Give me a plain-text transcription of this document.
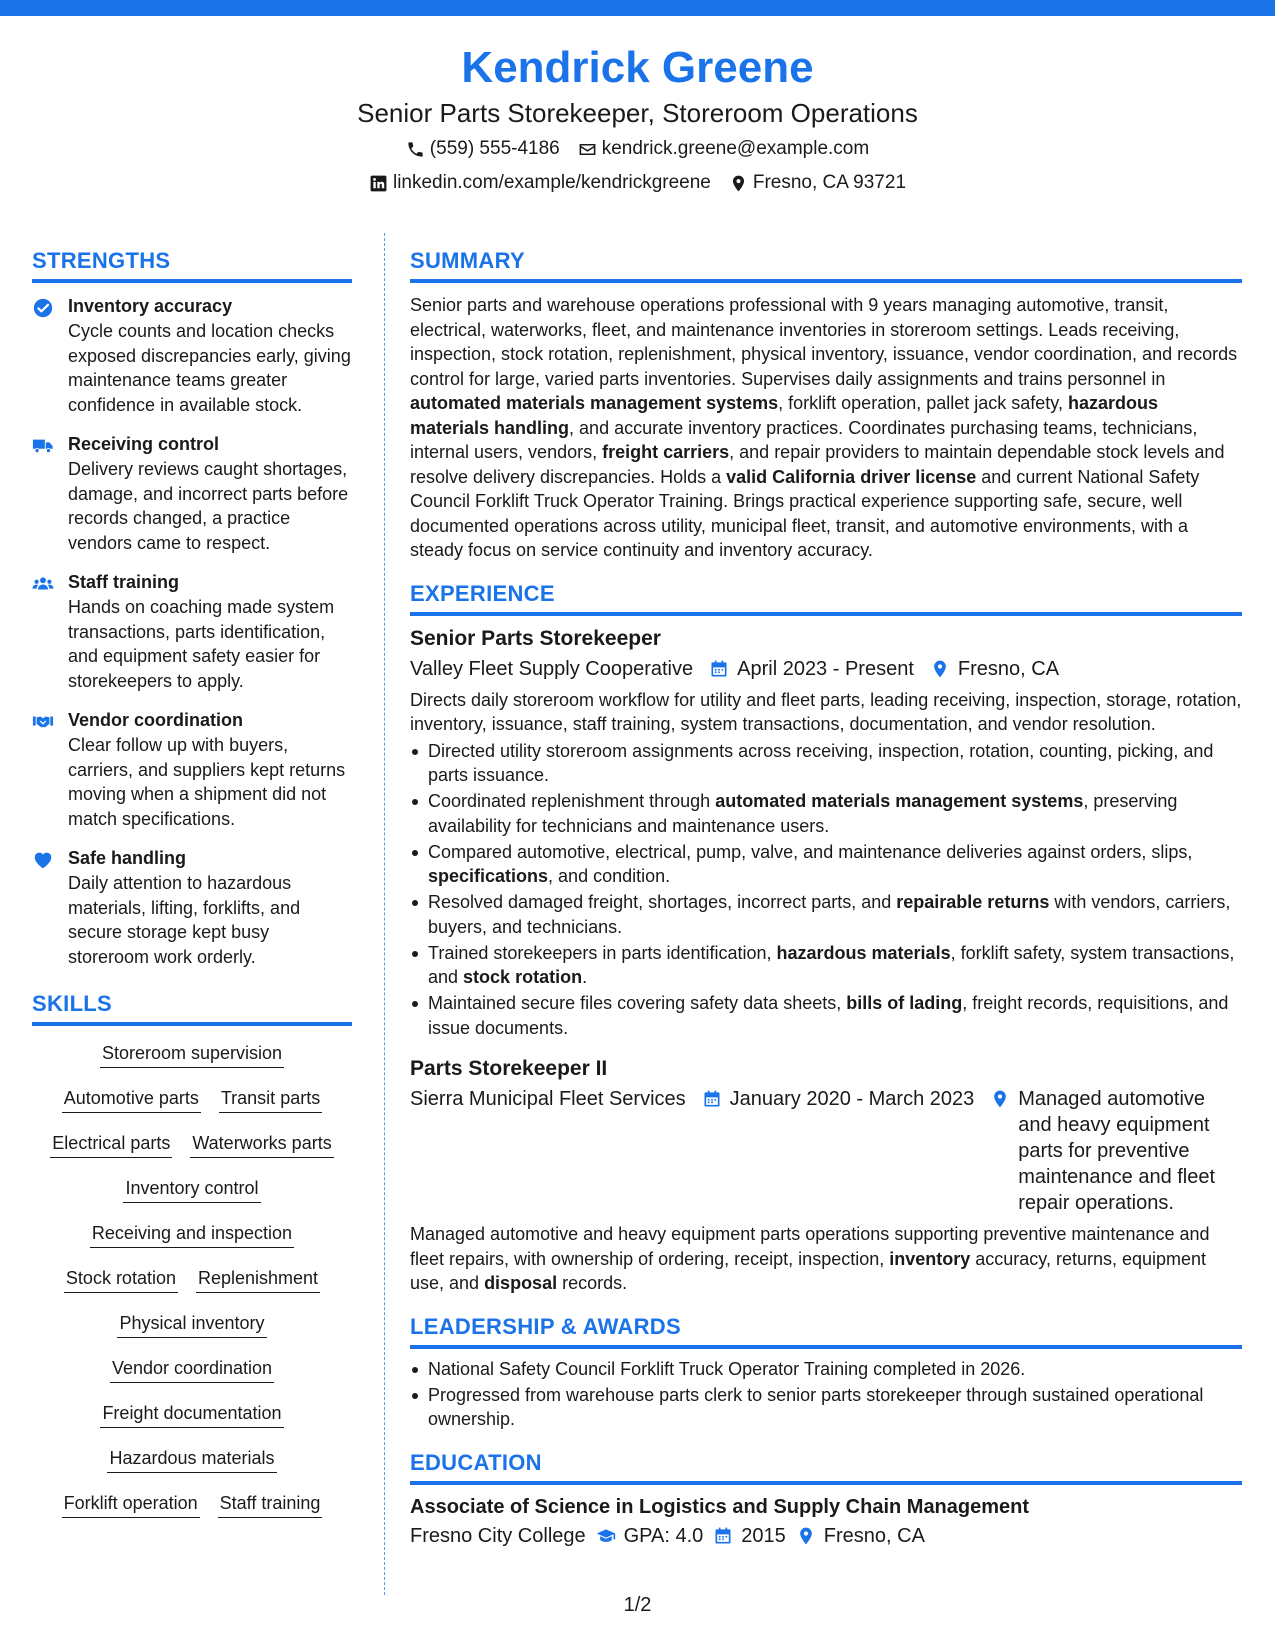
Kendrick Greene
Senior Parts Storekeeper, Storeroom Operations
(559) 555-4186 kendrick.greene@example.com
linkedin.com/example/kendrickgreene Fresno, CA 93721
STRENGTHS
Inventory accuracy
Cycle counts and location checks exposed discrepancies early, giving maintenance teams greater confidence in available stock.
Receiving control
Delivery reviews caught shortages, damage, and incorrect parts before records changed, a practice vendors came to respect.
Staff training
Hands on coaching made system transactions, parts identification, and equipment safety easier for storekeepers to apply.
Vendor coordination
Clear follow up with buyers, carriers, and suppliers kept returns moving when a shipment did not match specifications.
Safe handling
Daily attention to hazardous materials, lifting, forklifts, and secure storage kept busy storeroom work orderly.
SKILLS
Storeroom supervision
Automotive parts Transit parts
Electrical parts Waterworks parts
Inventory control
Receiving and inspection
Stock rotation Replenishment
Physical inventory
Vendor coordination
Freight documentation
Hazardous materials
Forklift operation Staff training
SUMMARY
Senior parts and warehouse operations professional with 9 years managing automotive, transit, electrical, waterworks, fleet, and maintenance inventories in storeroom settings. Leads receiving, inspection, stock rotation, replenishment, physical inventory, issuance, vendor coordination, and records control for large, varied parts inventories. Supervises daily assignments and trains personnel in automated materials management systems, forklift operation, pallet jack safety, hazardous materials handling, and accurate inventory practices. Coordinates purchasing teams, technicians, internal users, vendors, freight carriers, and repair providers to maintain dependable stock levels and resolve delivery discrepancies. Holds a valid California driver license and current National Safety Council Forklift Truck Operator Training. Brings practical experience supporting safe, secure, well documented operations across utility, municipal fleet, transit, and automotive environments, with a steady focus on service continuity and inventory accuracy.
EXPERIENCE
Senior Parts Storekeeper
Valley Fleet Supply Cooperative April 2023 - Present Fresno, CA
Directs daily storeroom workflow for utility and fleet parts, leading receiving, inspection, storage, rotation, inventory, issuance, staff training, system transactions, documentation, and vendor resolution.
Directed utility storeroom assignments across receiving, inspection, rotation, counting, picking, and parts issuance.
Coordinated replenishment through automated materials management systems, preserving availability for technicians and maintenance users.
Compared automotive, electrical, pump, valve, and maintenance deliveries against orders, slips, specifications, and condition.
Resolved damaged freight, shortages, incorrect parts, and repairable returns with vendors, carriers, buyers, and technicians.
Trained storekeepers in parts identification, hazardous materials, forklift safety, system transactions, and stock rotation.
Maintained secure files covering safety data sheets, bills of lading, freight records, requisitions, and issue documents.
Parts Storekeeper II
Sierra Municipal Fleet Services January 2020 - March 2023 Managed automotive and heavy equipment parts for preventive maintenance and fleet repair operations.
Managed automotive and heavy equipment parts operations supporting preventive maintenance and fleet repairs, with ownership of ordering, receipt, inspection, inventory accuracy, returns, equipment use, and disposal records.
LEADERSHIP & AWARDS
National Safety Council Forklift Truck Operator Training completed in 2026.
Progressed from warehouse parts clerk to senior parts storekeeper through sustained operational ownership.
EDUCATION
Associate of Science in Logistics and Supply Chain Management
Fresno City College GPA: 4.0 2015 Fresno, CA
1/2
